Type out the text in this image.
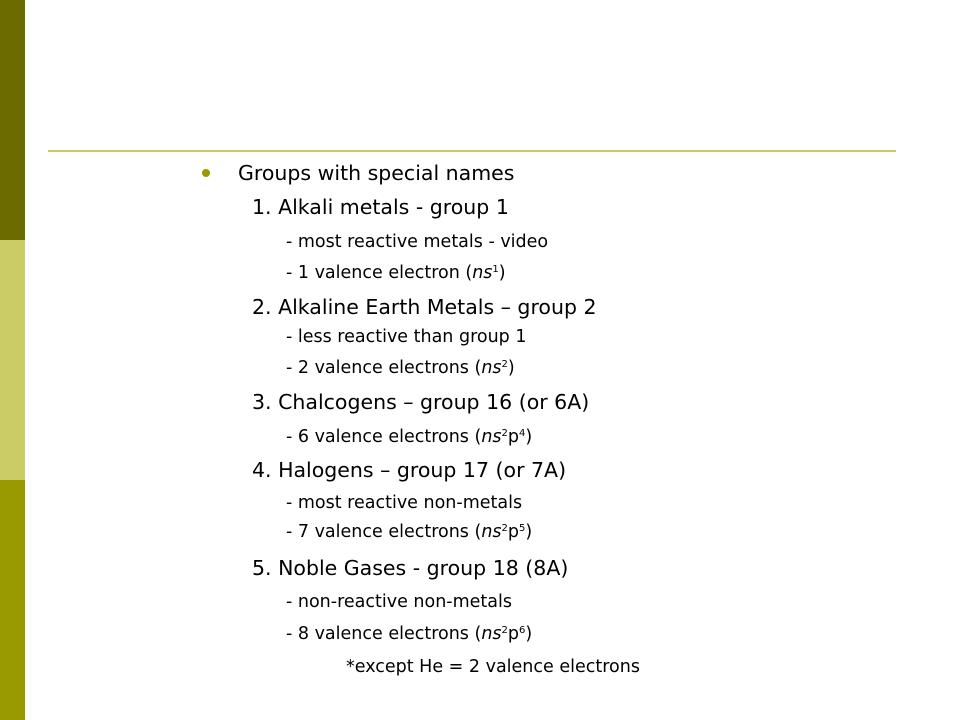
Groups with special names
1. Alkali metals - group 1
- most reactive metals - video
- 1 valence electron $(ns^1)$
2. Alkaline Earth Metals – group 2
- less reactive than group 1
- 2 valence electrons $(ns^2)$
3. Chalcogens – group 16 (or 6A)
- 6 valence electrons $(ns^2p^4)$
4. Halogens – group 17 (or 7A)
- most reactive non-metals
- 7 valence electrons $(ns^2p^5)$
5. Noble Gases - group 18 (8A)
- non-reactive non-metals
- 8 valence electrons $(ns^2p^6)$
*except He = 2 valence electrons
